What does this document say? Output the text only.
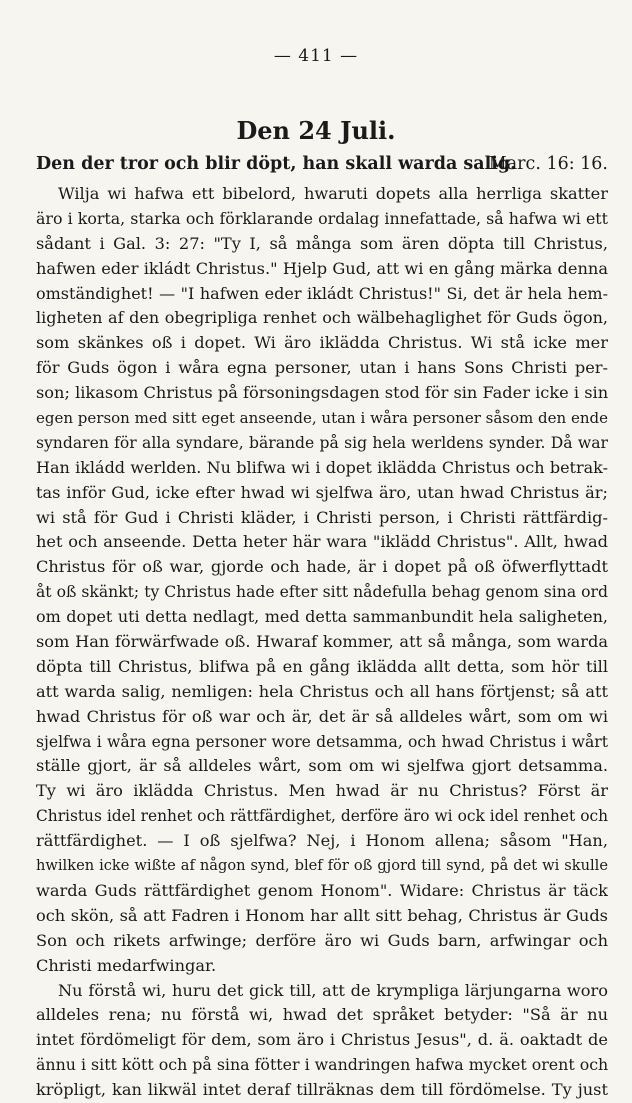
— 411 —
Den 24 Juli.
Den der tror och blir döpt, han skall warda salig.
Marc. 16: 16.
Wilja wi hafwa ett bibelord, hwaruti dopets alla herrliga skatter
äro i korta, starka och förklarande ordalag innefattade, så hafwa wi ett
sådant i Gal. 3: 27: "Ty I, så många som ären döpta till Christus,
hafwen eder ikládt Christus." Hjelp Gud, att wi en gång märka denna
omständighet! — "I hafwen eder ikládt Christus!" Si, det är hela hem-
ligheten af den obegripliga renhet och wälbehaglighet för Guds ögon,
som skänkes oß i dopet. Wi äro iklädda Christus. Wi stå icke mer
för Guds ögon i wåra egna personer, utan i hans Sons Christi per-
son; likasom Christus på försoningsdagen stod för sin Fader icke i sin
egen person med sitt eget anseende, utan i wåra personer såsom den ende
syndaren för alla syndare, bärande på sig hela werldens synder. Då war
Han ikládd werlden. Nu blifwa wi i dopet iklädda Christus och betrak-
tas inför Gud, icke efter hwad wi sjelfwa äro, utan hwad Christus är;
wi stå för Gud i Christi kläder, i Christi person, i Christi rättfärdig-
het och anseende. Detta heter här wara "iklädd Christus". Allt, hwad
Christus för oß war, gjorde och hade, är i dopet på oß öfwerflyttadt
åt oß skänkt; ty Christus hade efter sitt nådefulla behag genom sina ord
om dopet uti detta nedlagt, med detta sammanbundit hela saligheten,
som Han förwärfwade oß. Hwaraf kommer, att så många, som warda
döpta till Christus, blifwa på en gång iklädda allt detta, som hör till
att warda salig, nemligen: hela Christus och all hans förtjenst; så att
hwad Christus för oß war och är, det är så alldeles wårt, som om wi
sjelfwa i wåra egna personer wore detsamma, och hwad Christus i wårt
ställe gjort, är så alldeles wårt, som om wi sjelfwa gjort detsamma.
Ty wi äro iklädda Christus. Men hwad är nu Christus? Först är
Christus idel renhet och rättfärdighet, derföre äro wi ock idel renhet och
rättfärdighet. — I oß sjelfwa? Nej, i Honom allena; såsom "Han,
hwilken icke wißte af någon synd, blef för oß gjord till synd, på det wi skulle
warda Guds rättfärdighet genom Honom". Widare: Christus är täck
och skön, så att Fadren i Honom har allt sitt behag, Christus är Guds
Son och rikets arfwinge; derföre äro wi Guds barn, arfwingar och
Christi medarfwingar.
Nu förstå wi, huru det gick till, att de krympliga lärjungarna woro
alldeles rena; nu förstå wi, hwad det språket betyder: "Så är nu
intet fördömeligt för dem, som äro i Christus Jesus", d. ä. oaktadt de
ännu i sitt kött och på sina fötter i wandringen hafwa mycket orent och
kröpligt, kan likwäl intet deraf tillräknas dem till fördömelse. Ty just
